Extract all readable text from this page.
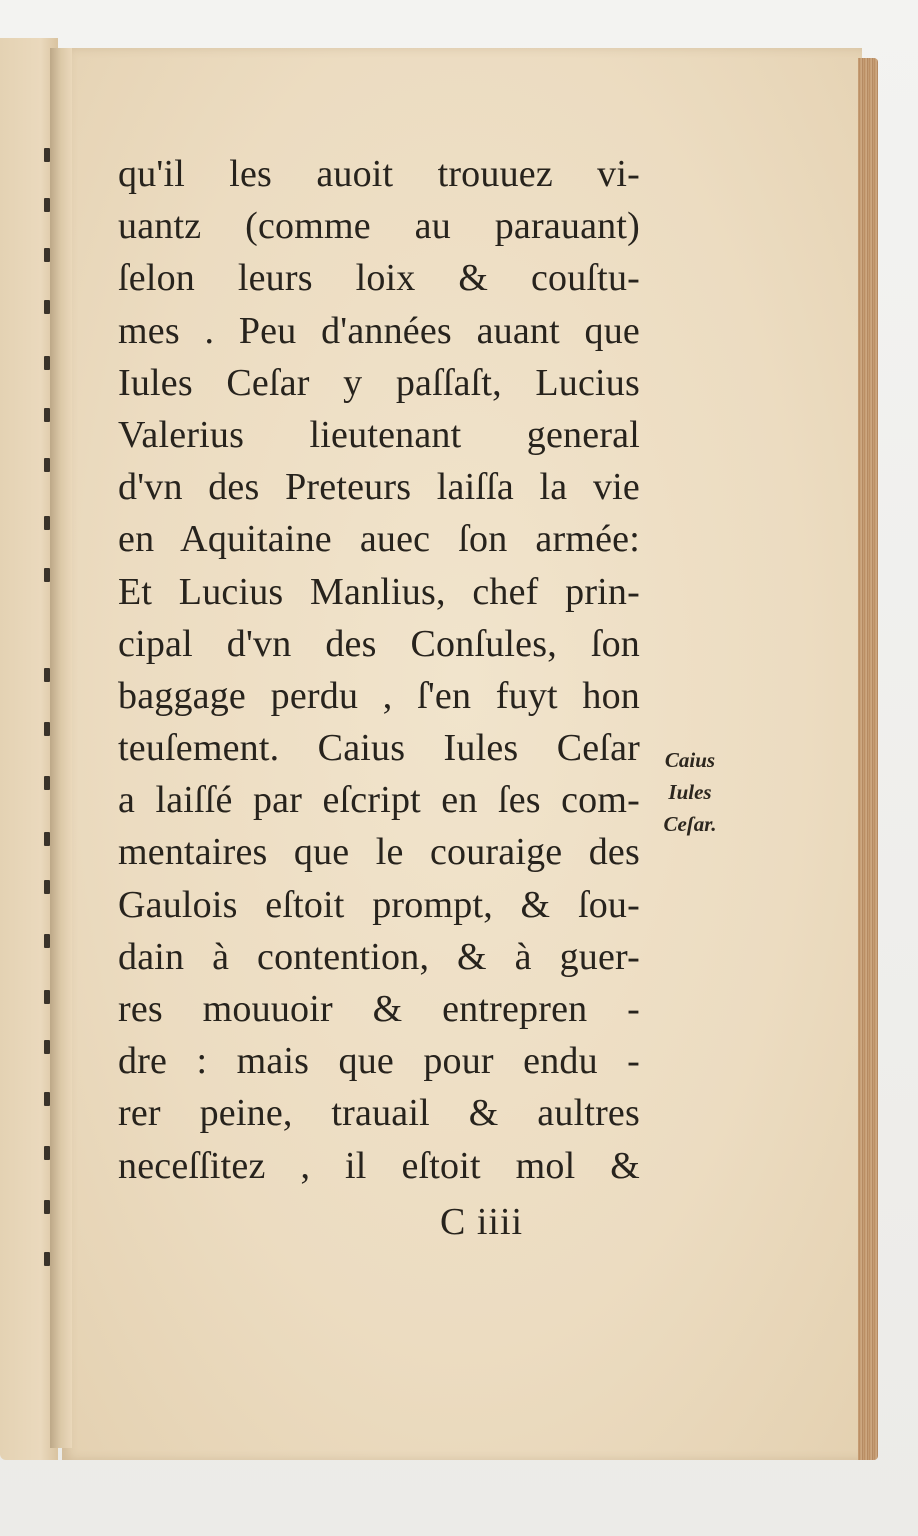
qu'il les auoit trouuez vi-
uantz (comme au parauant)
ſelon leurs loix & couſtu-
mes . Peu d'années auant que
Iules Ceſar y paſſaſt, Lucius
Valerius lieutenant general
d'vn des Preteurs laiſſa la vie
en Aquitaine auec ſon armée:
Et Lucius Manlius, chef prin-
cipal d'vn des Conſules, ſon
baggage perdu , ſ'en fuyt hon
teuſement. Caius Iules Ceſar
a laiſſé par eſcript en ſes com-
mentaires que le couraige des
Gaulois eſtoit prompt, & ſou-
dain à contention, & à guer-
res mouuoir & entrepren -
dre : mais que pour endu -
rer peine, trauail & aultres
neceſſitez , il eſtoit mol &
Caius
Iules
Ceſar.
C iiii
